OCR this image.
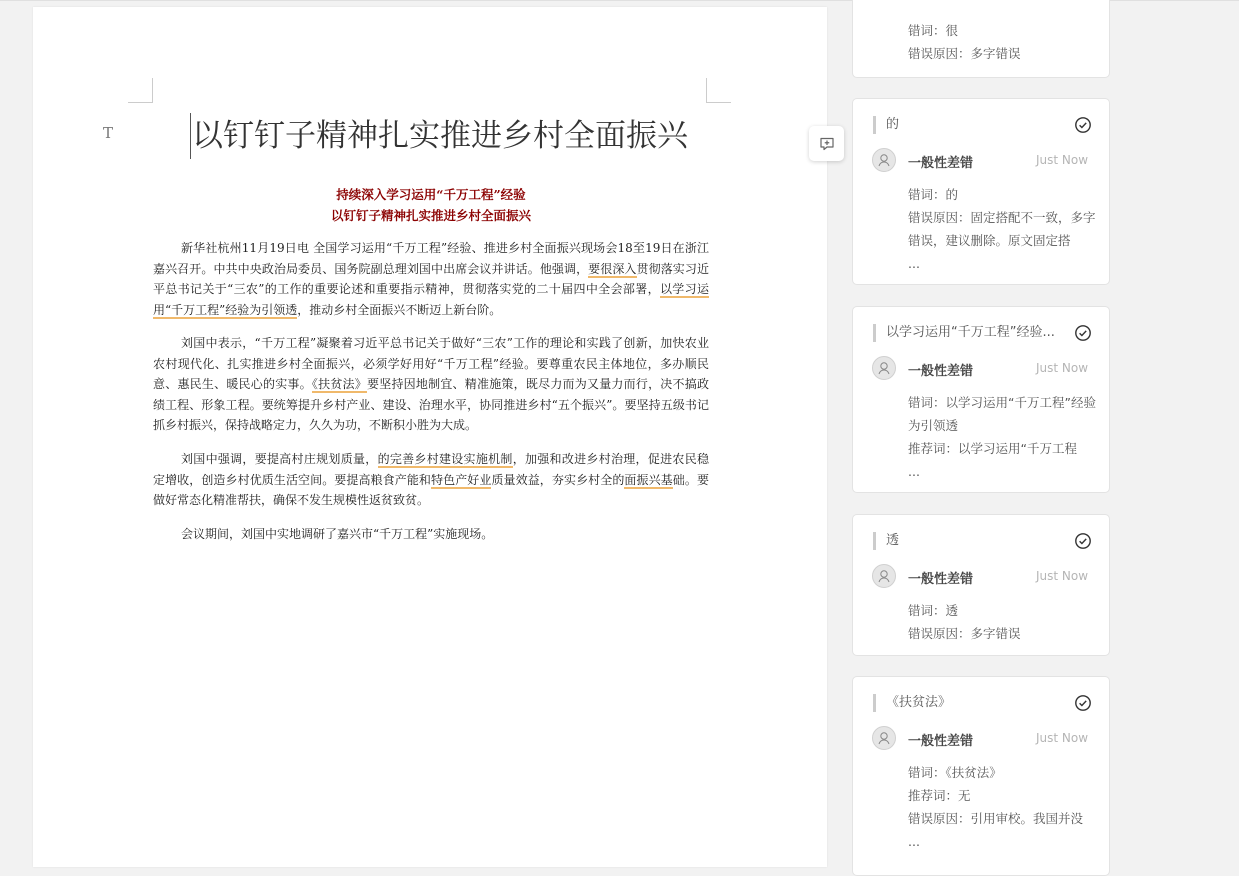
T	以钉钉子精神扎实推进乡村全面振兴
持续深入学习运用“千万工程”经验
以钉钉子精神扎实推进乡村全面振兴

新华社杭州11月19日电 全国学习运用“千万工程”经验、推进乡村全面振兴现场会18至19日在浙江嘉兴召开。中共中央政治局委员、国务院副总理刘国中出席会议并讲话。他强调，要很深入贯彻落实习近平总书记关于“三农”的工作的重要论述和重要指示精神，贯彻落实党的二十届四中全会部署，以学习运用“千万工程”经验为引领透，推动乡村全面振兴不断迈上新台阶。

刘国中表示，“千万工程”凝聚着习近平总书记关于做好“三农”工作的理论和实践了创新，加快农业农村现代化、扎实推进乡村全面振兴，必须学好用好“千万工程”经验。要尊重农民主体地位，多办顺民意、惠民生、暖民心的实事。《扶贫法》要坚持因地制宜、精准施策，既尽力而为又量力而行，决不搞政绩工程、形象工程。要统筹提升乡村产业、建设、治理水平，协同推进乡村“五个振兴”。要坚持五级书记抓乡村振兴，保持战略定力，久久为功，不断积小胜为大成。

刘国中强调，要提高村庄规划质量，的完善乡村建设实施机制，加强和改进乡村治理，促进农民稳定增收，创造乡村优质生活空间。要提高粮食产能和特色产好业质量效益，夯实乡村全的面振兴基础。要做好常态化精准帮扶，确保不发生规模性返贫致贫。

会议期间，刘国中实地调研了嘉兴市“千万工程”实施现场。

错词：很
错误原因：多字错误
的
一般性差错	Just Now
错词：的
错误原因：固定搭配不一致，多字错误，建议删除。原文固定搭
...
以学习运用“千万工程”经验...
一般性差错	Just Now
错词：以学习运用“千万工程”经验为引领透
推荐词：以学习运用“千万工程
...
透
一般性差错	Just Now
错词：透
错误原因：多字错误
《扶贫法》
一般性差错	Just Now
错词：《扶贫法》
推荐词：无
错误原因：引用审校。我国并没
...
